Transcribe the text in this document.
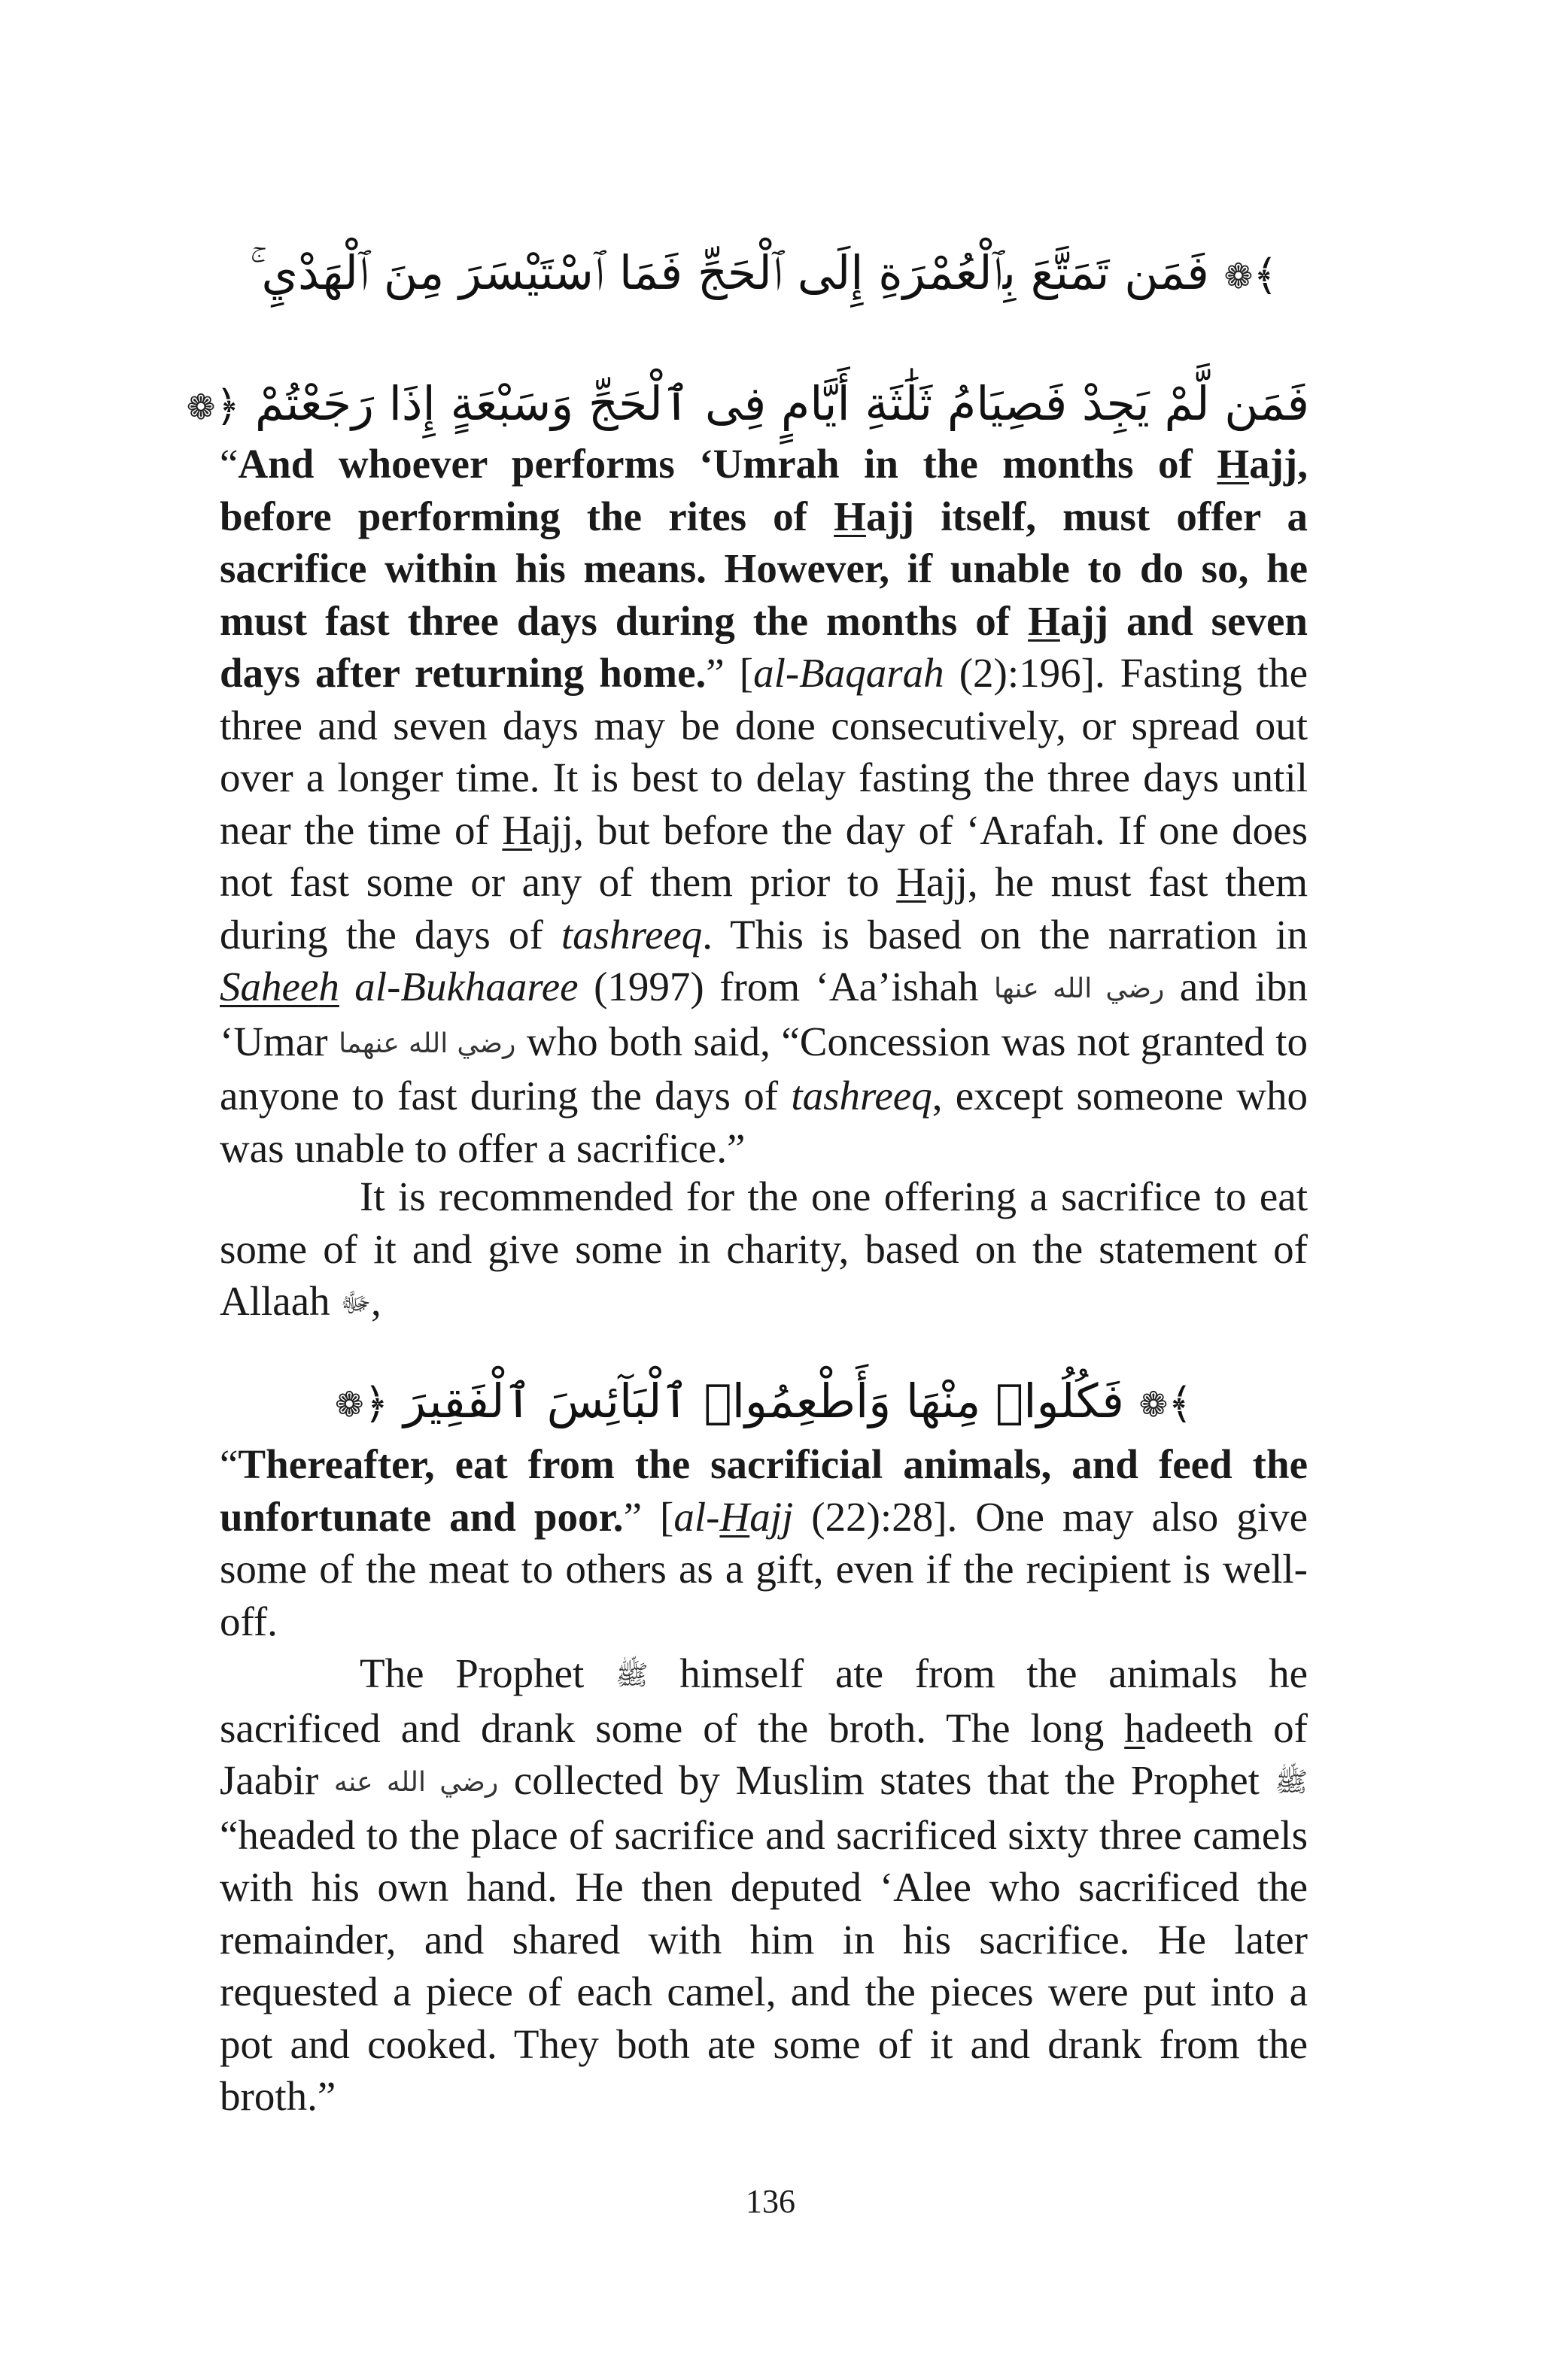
﴾❁ فَمَن تَمَتَّعَ بِٱلْعُمْرَةِ إِلَى ٱلْحَجِّ فَمَا ٱسْتَيْسَرَ مِنَ ٱلْهَدْيِ ۚ
فَمَن لَّمْ يَجِدْ فَصِيَامُ ثَلَٰثَةِ أَيَّامٍ فِى ٱلْحَجِّ وَسَبْعَةٍ إِذَا رَجَعْتُمْ ﴿❁

“And whoever performs ‘Umrah in the months of Hajj, before performing the rites of Hajj itself, must offer a sacrifice within his means. However, if unable to do so, he must fast three days during the months of Hajj and seven days after returning home.” [al-Baqarah (2):196]. Fasting the three and seven days may be done consecutively, or spread out over a longer time. It is best to delay fasting the three days until near the time of Hajj, but before the day of ‘Arafah. If one does not fast some or any of them prior to Hajj, he must fast them during the days of tashreeq. This is based on the narration in Saheeh al-Bukhaaree (1997) from ‘Aa’ishah رضي الله عنها and ibn ‘Umar رضي الله عنهما who both said, “Concession was not granted to anyone to fast during the days of tashreeq, except someone who was unable to offer a sacrifice.”

It is recommended for the one offering a sacrifice to eat some of it and give some in charity, based on the statement of Allaah ﷻ,

﴾❁ فَكُلُوا۟ مِنْهَا وَأَطْعِمُوا۟ ٱلْبَآئِسَ ٱلْفَقِيرَ ﴿❁

“Thereafter, eat from the sacrificial animals, and feed the unfortunate and poor.” [al-Hajj (22):28]. One may also give some of the meat to others as a gift, even if the recipient is well-off.

The Prophet ﷺ himself ate from the animals he sacrificed and drank some of the broth. The long hadeeth of Jaabir رضي الله عنه collected by Muslim states that the Prophet ﷺ “headed to the place of sacrifice and sacrificed sixty three camels with his own hand. He then deputed ‘Alee who sacrificed the remainder, and shared with him in his sacrifice. He later requested a piece of each camel, and the pieces were put into a pot and cooked. They both ate some of it and drank from the broth.”

136
